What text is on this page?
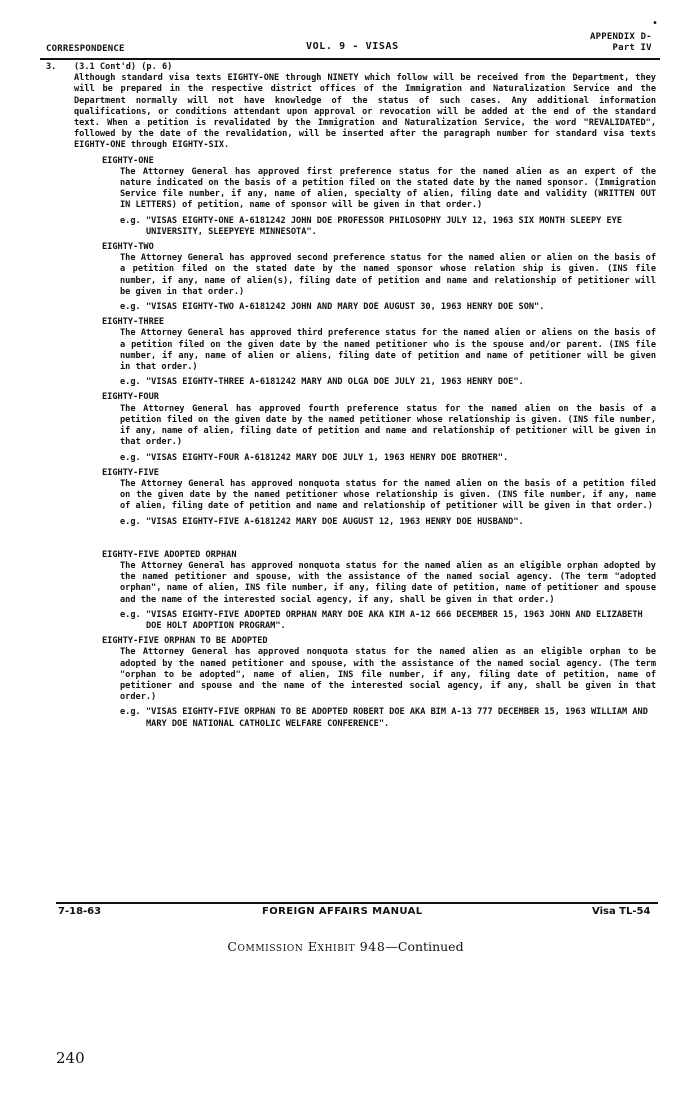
•
CORRESPONDENCE	VOL. 9 - VISAS
APPENDIX D-
Part IV
3.	(3.1 Cont'd) (p. 6)

Although standard visa texts EIGHTY-ONE through NINETY which follow will be received from the Department, they will be prepared in the respective district offices of the Immigration and Naturalization Service and the Department normally will not have knowledge of the status of such cases. Any additional information qualifications, or conditions attendant upon approval or revocation will be added at the end of the standard text. When a petition is revalidated by the Immigration and Naturalization Service, the word "REVALIDATED", followed by the date of the revalidation, will be inserted after the paragraph number for standard visa texts EIGHTY-ONE through EIGHTY-SIX.

EIGHTY-ONE
The Attorney General has approved first preference status for the named alien as an expert of the nature indicated on the basis of a petition filed on the stated date by the named sponsor. (Immigration Service file number, if any, name of alien, specialty of alien, filing date and validity (WRITTEN OUT IN LETTERS) of petition, name of sponsor will be given in that order.)
e.g. "VISAS EIGHTY-ONE A-6181242 JOHN DOE PROFESSOR PHILOSOPHY JULY 12, 1963 SIX MONTH SLEEPY EYE UNIVERSITY, SLEEPYEYE MINNESOTA".
EIGHTY-TWO
The Attorney General has approved second preference status for the named alien or alien on the basis of a petition filed on the stated date by the named sponsor whose relation ship is given. (INS file number, if any, name of alien(s), filing date of petition and name and relationship of petitioner will be given in that order.)
e.g. "VISAS EIGHTY-TWO A-6181242 JOHN AND MARY DOE AUGUST 30, 1963 HENRY DOE SON".
EIGHTY-THREE
The Attorney General has approved third preference status for the named alien or aliens on the basis of a petition filed on the given date by the named petitioner who is the spouse and/or parent. (INS file number, if any, name of alien or aliens, filing date of petition and name of petitioner will be given in that order.)
e.g. "VISAS EIGHTY-THREE A-6181242 MARY AND OLGA DOE JULY 21, 1963 HENRY DOE".
EIGHTY-FOUR
The Attorney General has approved fourth preference status for the named alien on the basis of a petition filed on the given date by the named petitioner whose relationship is given. (INS file number, if any, name of alien, filing date of petition and name and relationship of petitioner will be given in that order.)
e.g. "VISAS EIGHTY-FOUR A-6181242 MARY DOE JULY 1, 1963 HENRY DOE BROTHER".
EIGHTY-FIVE
The Attorney General has approved nonquota status for the named alien on the basis of a petition filed on the given date by the named petitioner whose relationship is given. (INS file number, if any, name of alien, filing date of petition and name and relationship of petitioner will be given in that order.)
e.g. "VISAS EIGHTY-FIVE A-6181242 MARY DOE AUGUST 12, 1963 HENRY DOE HUSBAND".
EIGHTY-FIVE ADOPTED ORPHAN
The Attorney General has approved nonquota status for the named alien as an eligible orphan adopted by the named petitioner and spouse, with the assistance of the named social agency. (The term "adopted orphan", name of alien, INS file number, if any, filing date of petition, name of petitioner and spouse and the name of the interested social agency, if any, shall be given in that order.)
e.g. "VISAS EIGHTY-FIVE ADOPTED ORPHAN MARY DOE AKA KIM A-12 666 DECEMBER 15, 1963 JOHN AND ELIZABETH DOE HOLT ADOPTION PROGRAM".
EIGHTY-FIVE ORPHAN TO BE ADOPTED
The Attorney General has approved nonquota status for the named alien as an eligible orphan to be adopted by the named petitioner and spouse, with the assistance of the named social agency. (The term "orphan to be adopted", name of alien, INS file number, if any, filing date of petition, name of petitioner and spouse and the name of the interested social agency, if any, shall be given in that order.)
e.g. "VISAS EIGHTY-FIVE ORPHAN TO BE ADOPTED ROBERT DOE AKA BIM A-13 777 DECEMBER 15, 1963 WILLIAM AND MARY DOE NATIONAL CATHOLIC WELFARE CONFERENCE".
7-18-63	FOREIGN AFFAIRS MANUAL	Visa TL-54
Commission Exhibit 948—Continued
240
